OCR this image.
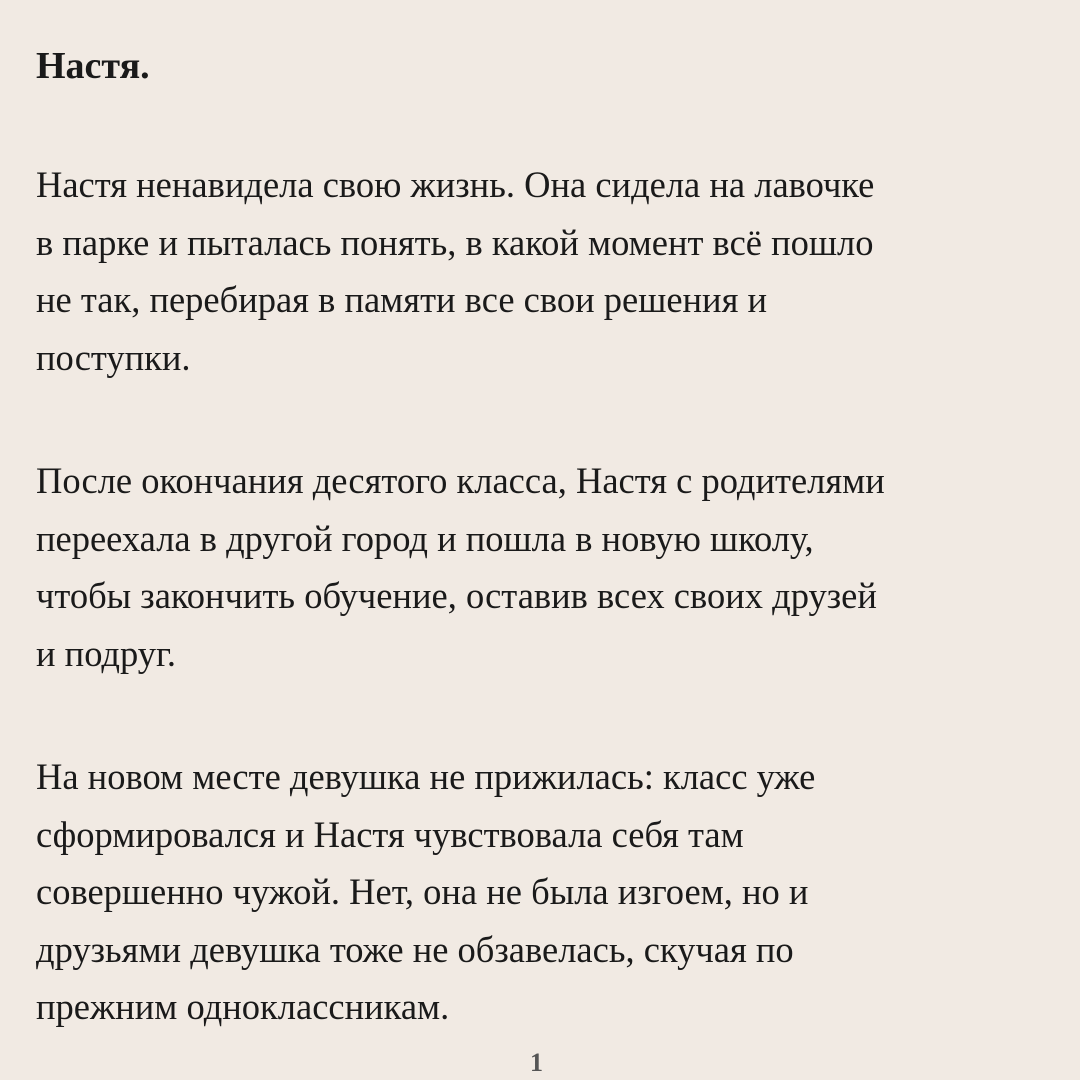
Настя.

Настя ненавидела свою жизнь. Она сидела на лавочке
в парке и пыталась понять, в какой момент всё пошло
не так, перебирая в памяти все свои решения и
поступки.

После окончания десятого класса, Настя с родителями
переехала в другой город и пошла в новую школу,
чтобы закончить обучение, оставив всех своих друзей
и подруг.

На новом месте девушка не прижилась: класс уже
сформировался и Настя чувствовала себя там
совершенно чужой. Нет, она не была изгоем, но и
друзьями девушка тоже не обзавелась, скучая по
прежним одноклассникам.

1
